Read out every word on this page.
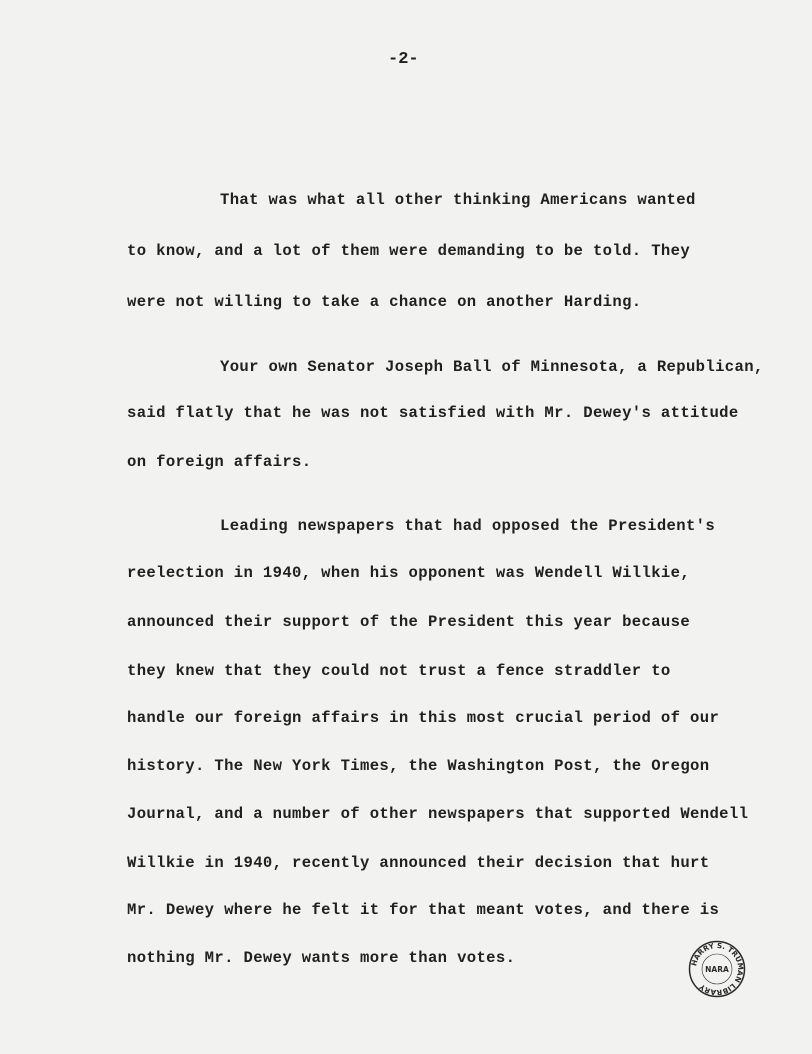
-2-
That was what all other thinking Americans wanted
to know, and a lot of them were demanding to be told. They
were not willing to take a chance on another Harding.
Your own Senator Joseph Ball of Minnesota, a Republican,
said flatly that he was not satisfied with Mr. Dewey's attitude
on foreign affairs.
Leading newspapers that had opposed the President's
reelection in 1940, when his opponent was Wendell Willkie,
announced their support of the President this year because
they knew that they could not trust a fence straddler to
handle our foreign affairs in this most crucial period of our
history. The New York Times, the Washington Post, the Oregon
Journal, and a number of other newspapers that supported Wendell
Willkie in 1940, recently announced their decision that hurt
Mr. Dewey where he felt it for that meant votes, and there is
nothing Mr. Dewey wants more than votes.	HARRY S. TRUMAN LIBRARY
NARA
